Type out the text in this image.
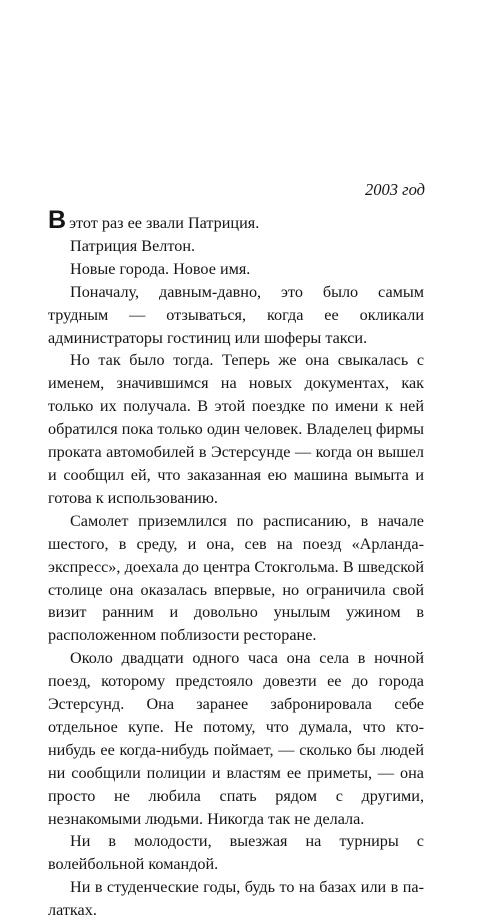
2003 год

Вэтот раз ее звали Патриция.

Патриция Велтон.

Новые города. Новое имя.

Поначалу, давным-давно, это было самым трудным — отзываться, когда ее окликали администраторы гостиниц или шоферы такси.

Но так было тогда. Теперь же она свыкалась с именем, значившимся на новых документах, как только их получала. В этой поездке по имени к ней обратился пока только один человек. Владелец фирмы проката автомобилей в Эстерсунде — когда он вышел и сообщил ей, что заказанная ею машина вымыта и готова к использованию.

Самолет приземлился по расписанию, в начале шестого, в среду, и она, сев на поезд «Арланда-экспресс», доехала до центра Стокгольма. В шведской столице она оказалась впервые, но ограничила свой визит ранним и довольно унылым ужином в расположенном поблизости ресторане.

Около двадцати одного часа она села в ночной поезд, которому предстояло довезти ее до города Эстерсунд. Она заранее забронировала себе отдельное купе. Не потому, что думала, что кто-нибудь ее когда-нибудь поймает, — сколько бы людей ни сообщили полиции и властям ее приметы, — она просто не любила спать рядом с другими, незнакомыми людьми. Никогда так не делала.

Ни в молодости, выезжая на турниры с волейбольной командой.

Ни в студенческие годы, будь то на базах или в палатках.
